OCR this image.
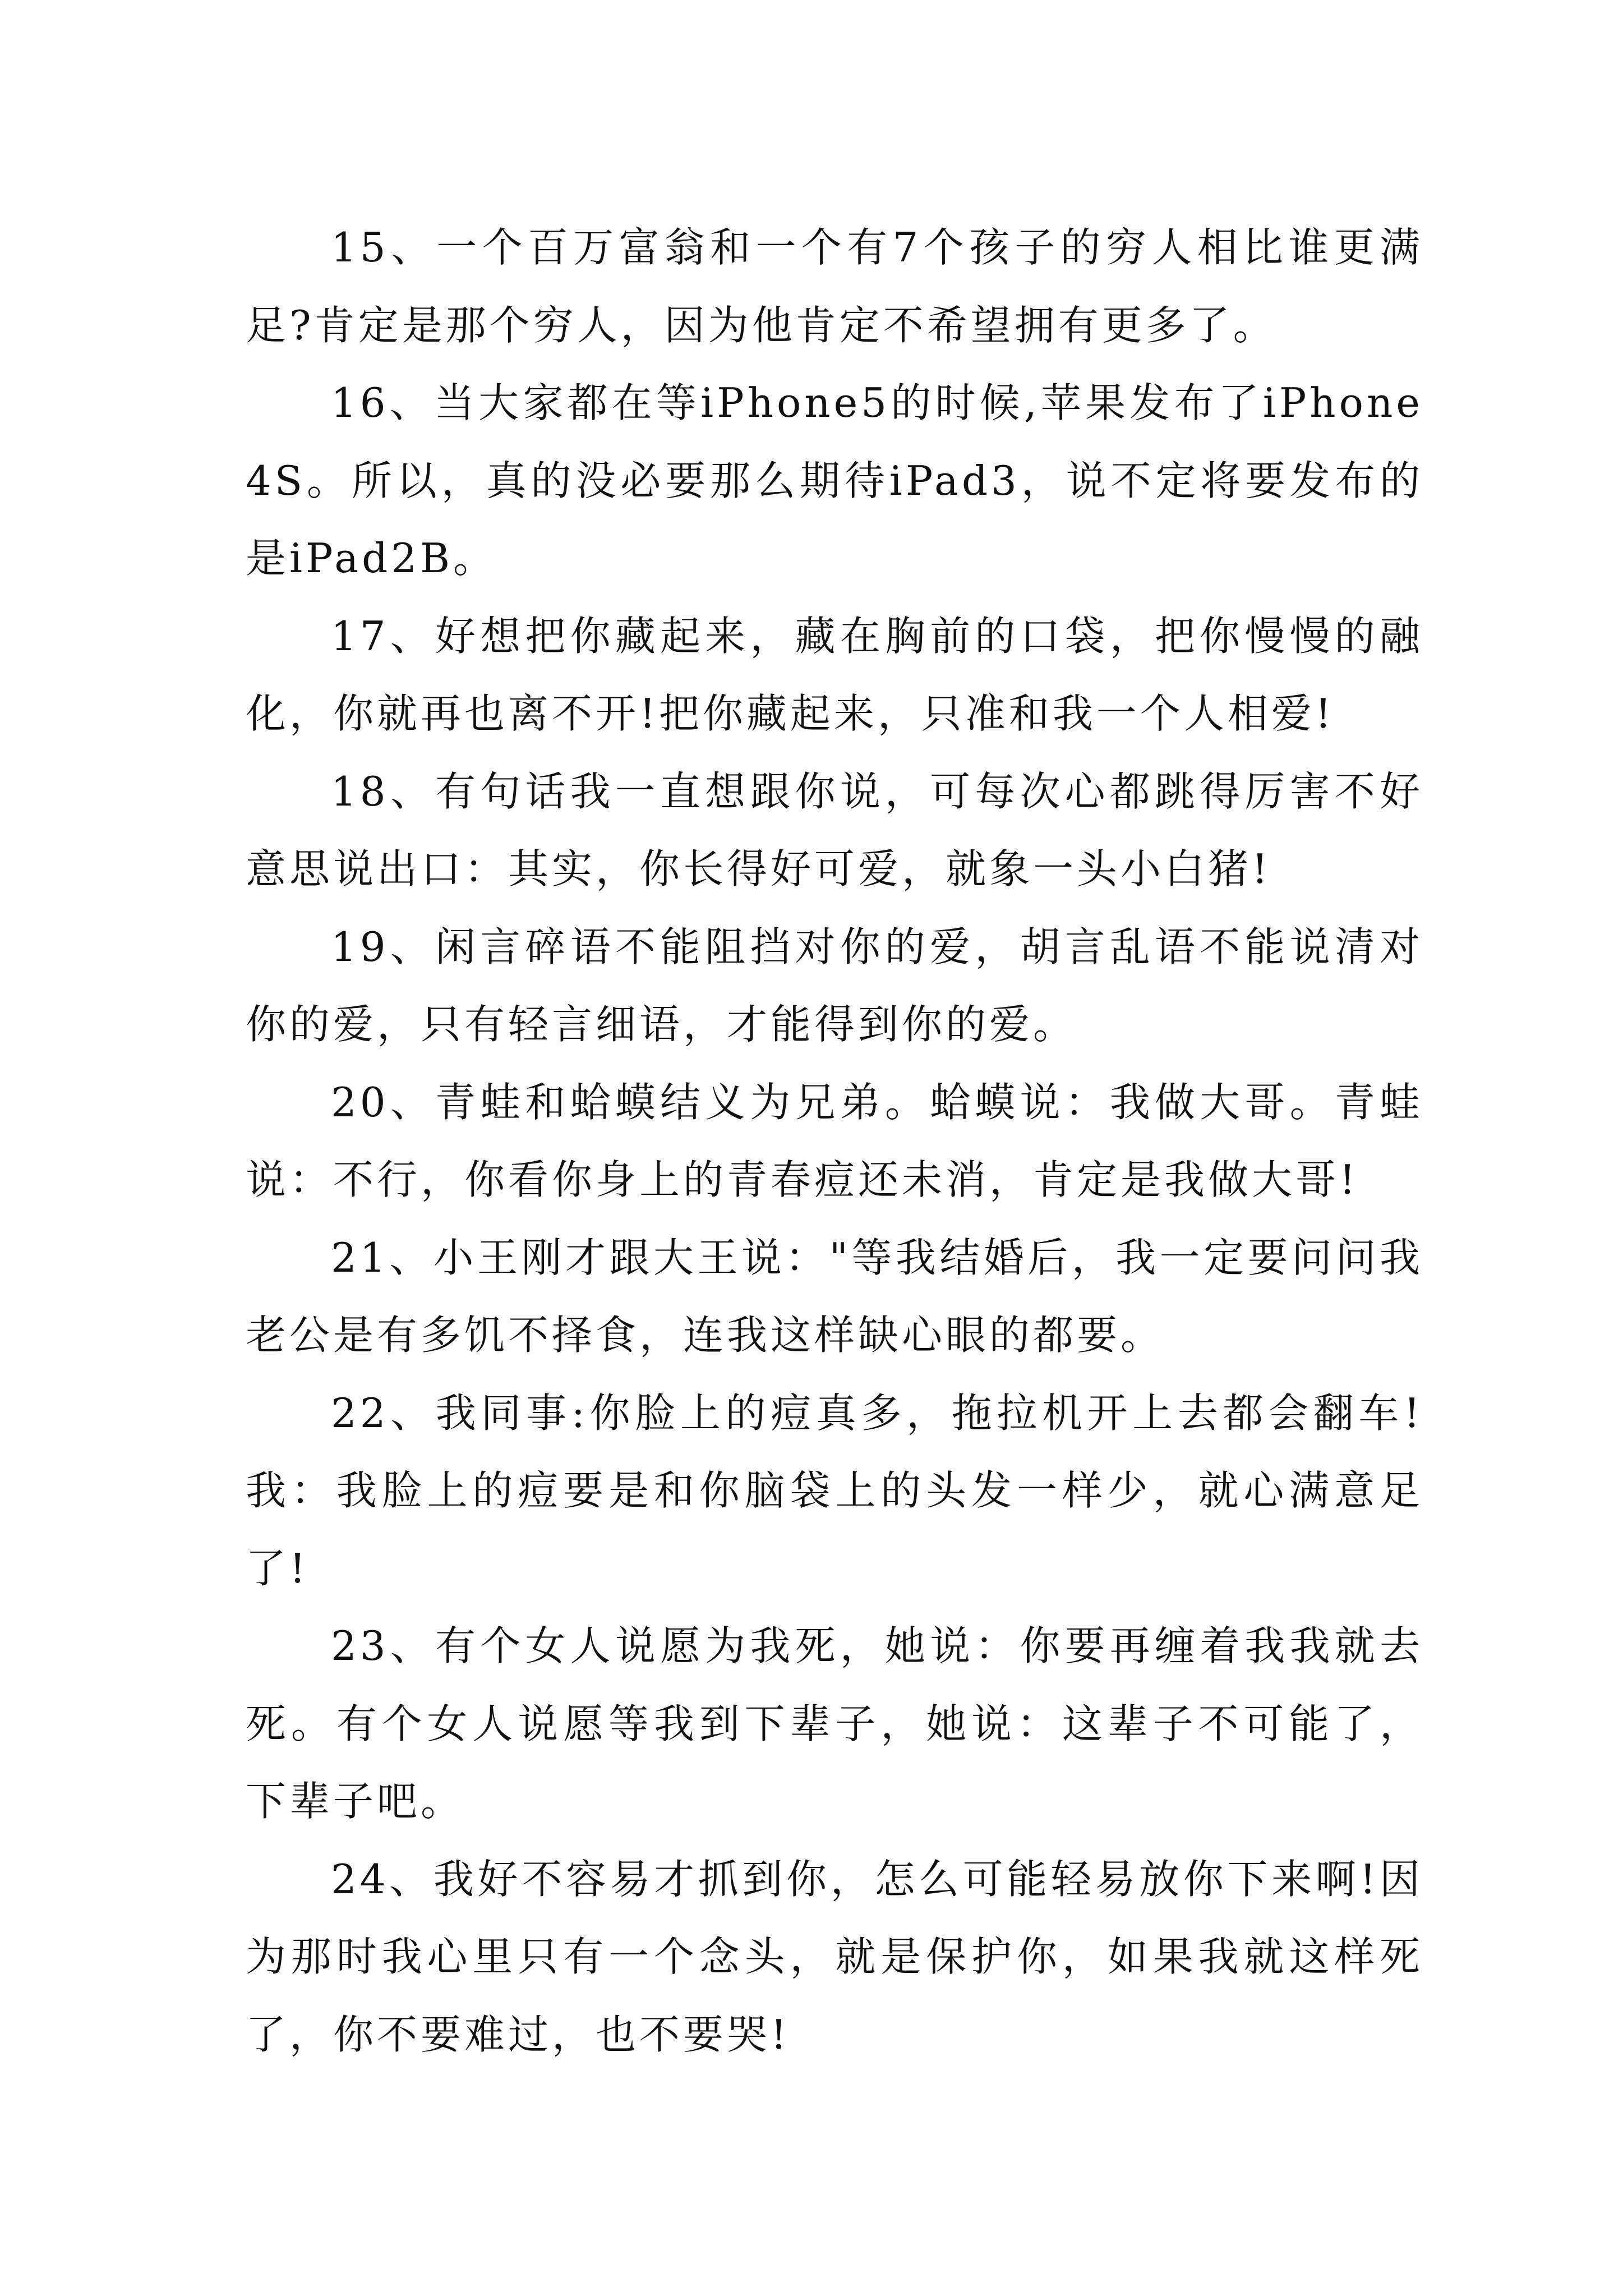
15、一个百万富翁和一个有7个孩子的穷人相比谁更满足?肯定是那个穷人，因为他肯定不希望拥有更多了。

16、当大家都在等iPhone5的时候,苹果发布了iPhone4S。所以，真的没必要那么期待iPad3，说不定将要发布的是iPad2B。

17、好想把你藏起来，藏在胸前的口袋，把你慢慢的融化，你就再也离不开!把你藏起来，只准和我一个人相爱!

18、有句话我一直想跟你说，可每次心都跳得厉害不好意思说出口：其实，你长得好可爱，就象一头小白猪!

19、闲言碎语不能阻挡对你的爱，胡言乱语不能说清对你的爱，只有轻言细语，才能得到你的爱。

20、青蛙和蛤蟆结义为兄弟。蛤蟆说：我做大哥。青蛙说：不行，你看你身上的青春痘还未消，肯定是我做大哥!

21、小王刚才跟大王说："等我结婚后，我一定要问问我老公是有多饥不择食，连我这样缺心眼的都要。

22、我同事:你脸上的痘真多，拖拉机开上去都会翻车!我：我脸上的痘要是和你脑袋上的头发一样少，就心满意足了!

23、有个女人说愿为我死，她说：你要再缠着我我就去死。有个女人说愿等我到下辈子，她说：这辈子不可能了，下辈子吧。

24、我好不容易才抓到你，怎么可能轻易放你下来啊!因为那时我心里只有一个念头，就是保护你，如果我就这样死了，你不要难过，也不要哭!
